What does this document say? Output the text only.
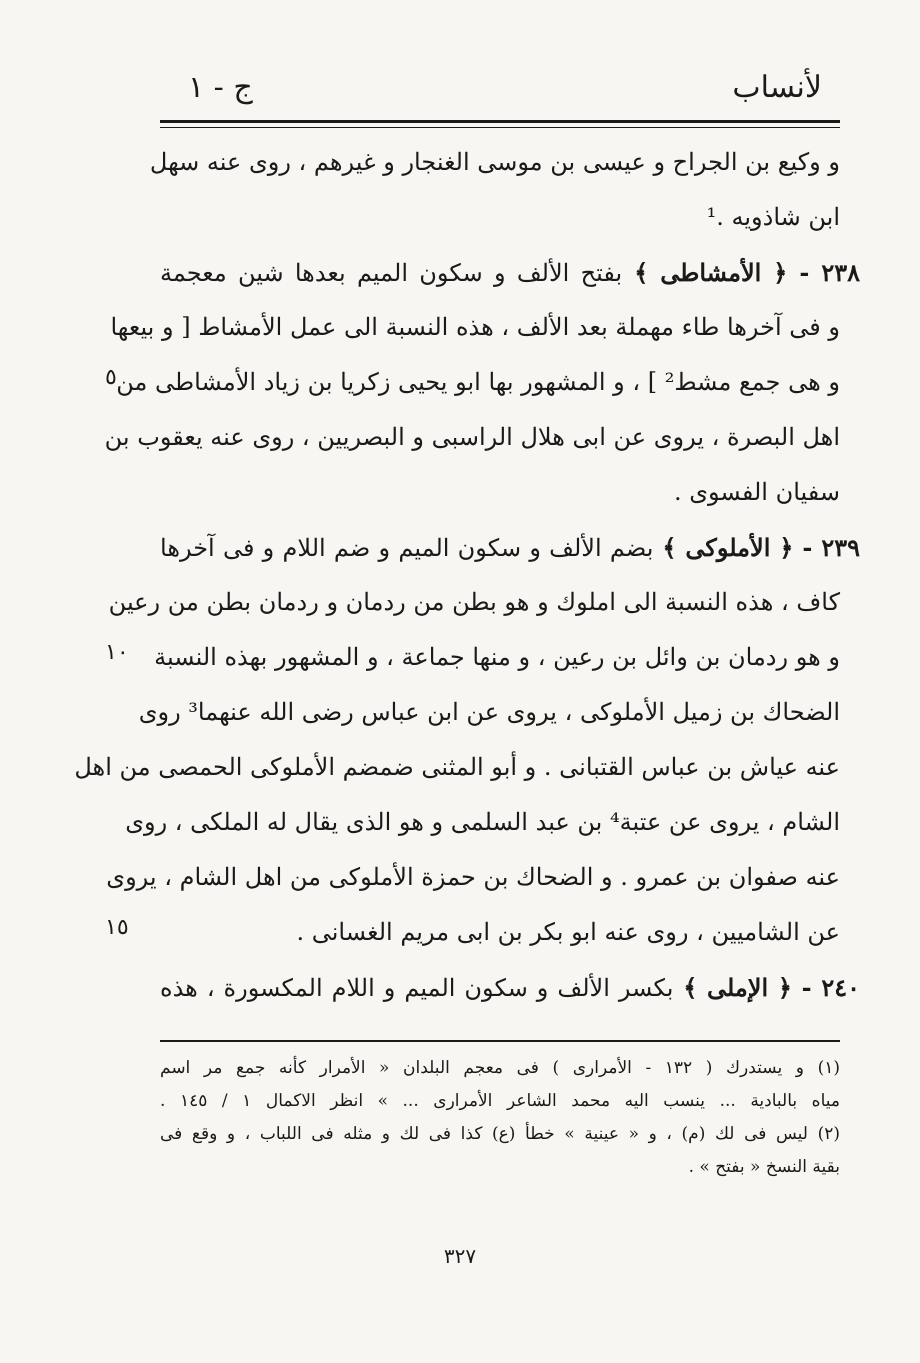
لأنساب
ج - ١
و وكيع بن الجراح و عيسى بن موسى الغنجار و غيرهم ، روى عنه سهل
ابن شاذويه .¹
٢٣٨ - ﴿ الأمشاطى ﴾ بفتح الألف و سكون الميم بعدها شين معجمة
و فى آخرها طاء مهملة بعد الألف ، هذه النسبة الى عمل الأمشاط [ و بيعها
و هى جمع مشط² ] ، و المشهور بها ابو يحيى زكريا بن زياد الأمشاطى من
اهل البصرة ، يروى عن ابى هلال الراسبى و البصريين ، روى عنه يعقوب بن
سفيان الفسوى .
٢٣٩ - ﴿ الأملوكى ﴾ بضم الألف و سكون الميم و ضم اللام و فى آخرها
كاف ، هذه النسبة الى املوك و هو بطن من ردمان و ردمان بطن من رعين
و هو ردمان بن وائل بن رعين ، و منها جماعة ، و المشهور بهذه النسبة
الضحاك بن زميل الأملوكى ، يروى عن ابن عباس رضى الله عنهما³ روى
عنه عياش بن عباس القتبانى . و أبو المثنى ضمضم الأملوكى الحمصى من اهل
الشام ، يروى عن عتبة⁴ بن عبد السلمى و هو الذى يقال له الملكى ، روى
عنه صفوان بن عمرو . و الضحاك بن حمزة الأملوكى من اهل الشام ، يروى
عن الشاميين ، روى عنه ابو بكر بن ابى مريم الغسانى .
٢٤٠ - ﴿ الإملى ﴾ بكسر الألف و سكون الميم و اللام المكسورة ، هذه
٥
١٠
١٥
(١) و يستدرك ( ١٣٢ - الأمرارى ) فى معجم البلدان « الأمرار كأنه جمع مر اسم
مياه بالبادية ... ينسب اليه محمد الشاعر الأمرارى ... » انظر الاكمال ١ / ١٤٥ .
(٢) ليس فى لك (م) ، و « عينية » خطأ (ع) كذا فى لك و مثله فى اللباب ، و وقع فى
بقية النسخ « بفتح » .
٣٢٧
